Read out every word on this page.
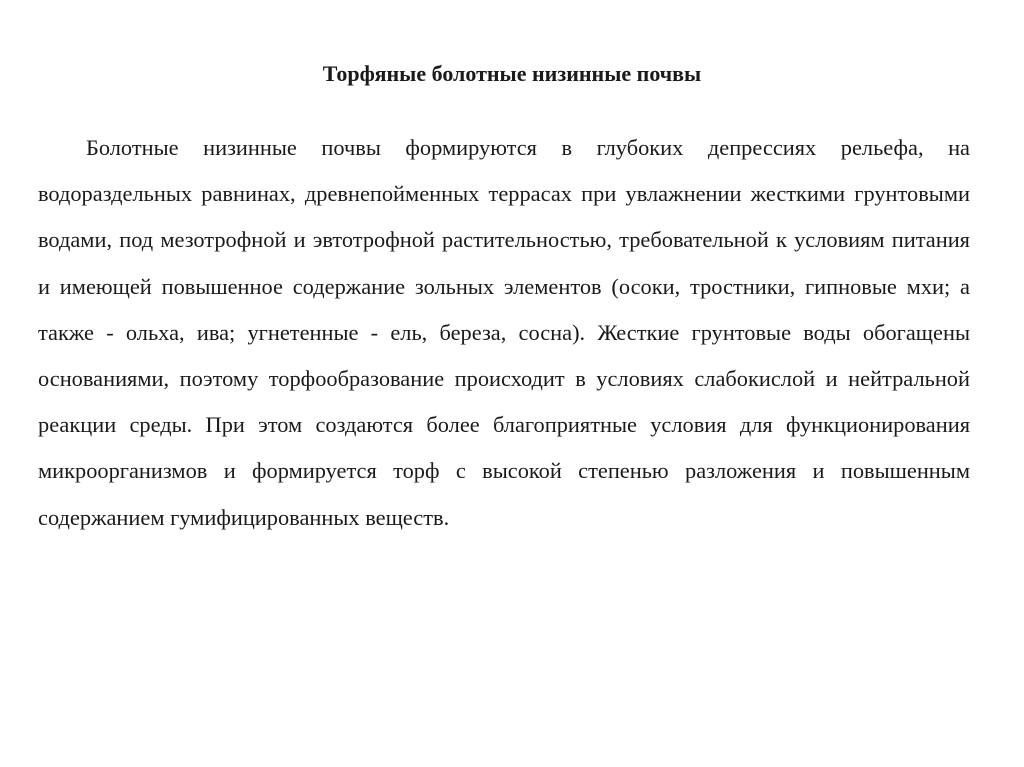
Торфяные болотные низинные почвы

Болотные низинные почвы формируются в глубоких депрессиях рельефа, на водораздельных равнинах, древнепойменных террасах при увлажнении жесткими грунтовыми водами, под мезотрофной и эвтотрофной растительностью, требовательной к условиям питания и имеющей повышенное содержание зольных элементов (осоки, тростники, гипновые мхи; а также - ольха, ива; угнетенные - ель, береза, сосна). Жесткие грунтовые воды обогащены основаниями, поэтому торфообразование происходит в условиях слабокислой и нейтральной реакции среды. При этом создаются более благоприятные условия для функционирования микроорганизмов и формируется торф с высокой степенью разложения и повышенным содержанием гумифицированных веществ.
